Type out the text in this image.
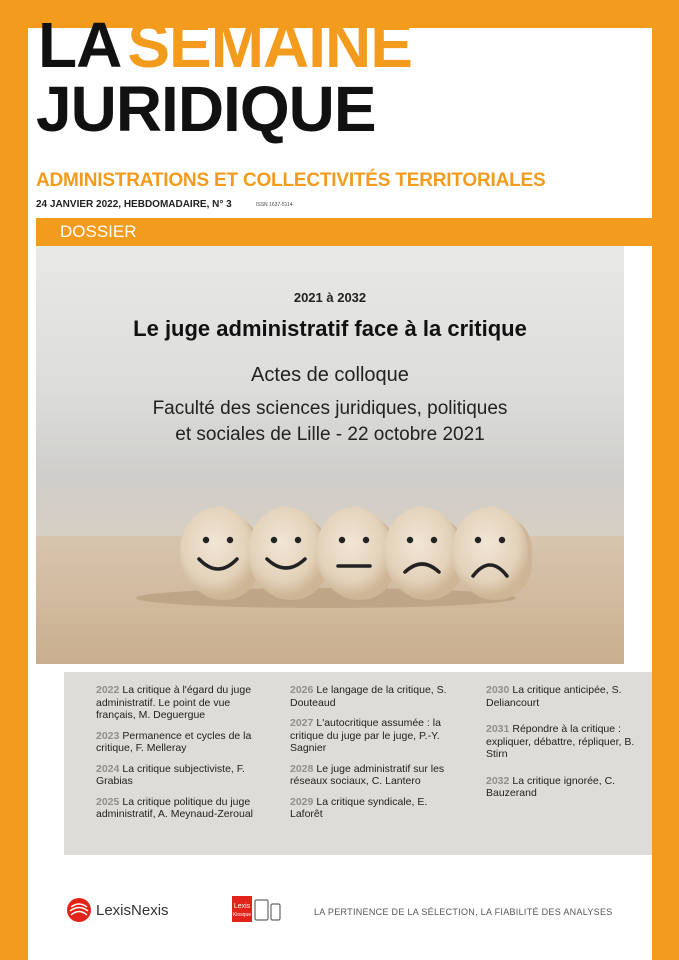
LASEMAINE
JURIDIQUE
ADMINISTRATIONS ET COLLECTIVITÉS TERRITORIALES
24 JANVIER 2022, HEBDOMADAIRE, N° 3	ISSN 1637-5114
DOSSIER
2021 à 2032
Le juge administratif face à la critique
Actes de colloque
Faculté des sciences juridiques, politiques
et sociales de Lille - 22 octobre 2021
2022 La critique à l'égard du juge administratif. Le point de vue français, M. Deguergue
2023 Permanence et cycles de la critique, F. Melleray
2024 La critique subjectiviste, F. Grabias
2025 La critique politique du juge administratif, A. Meynaud-Zeroual
2026 Le langage de la critique, S. Douteaud
2027 L'autocritique assumée : la critique du juge par le juge, P.-Y. Sagnier
2028 Le juge administratif sur les réseaux sociaux, C. Lantero
2029 La critique syndicale, E. Laforêt
2030 La critique anticipée, S. Deliancourt
2031 Répondre à la critique : expliquer, débattre, répliquer, B. Stirn
2032 La critique ignorée, C. Bauzerand
LexisNexis	Lexis
Kiosque	LA PERTINENCE DE LA SÉLECTION, LA FIABILITÉ DES ANALYSES
